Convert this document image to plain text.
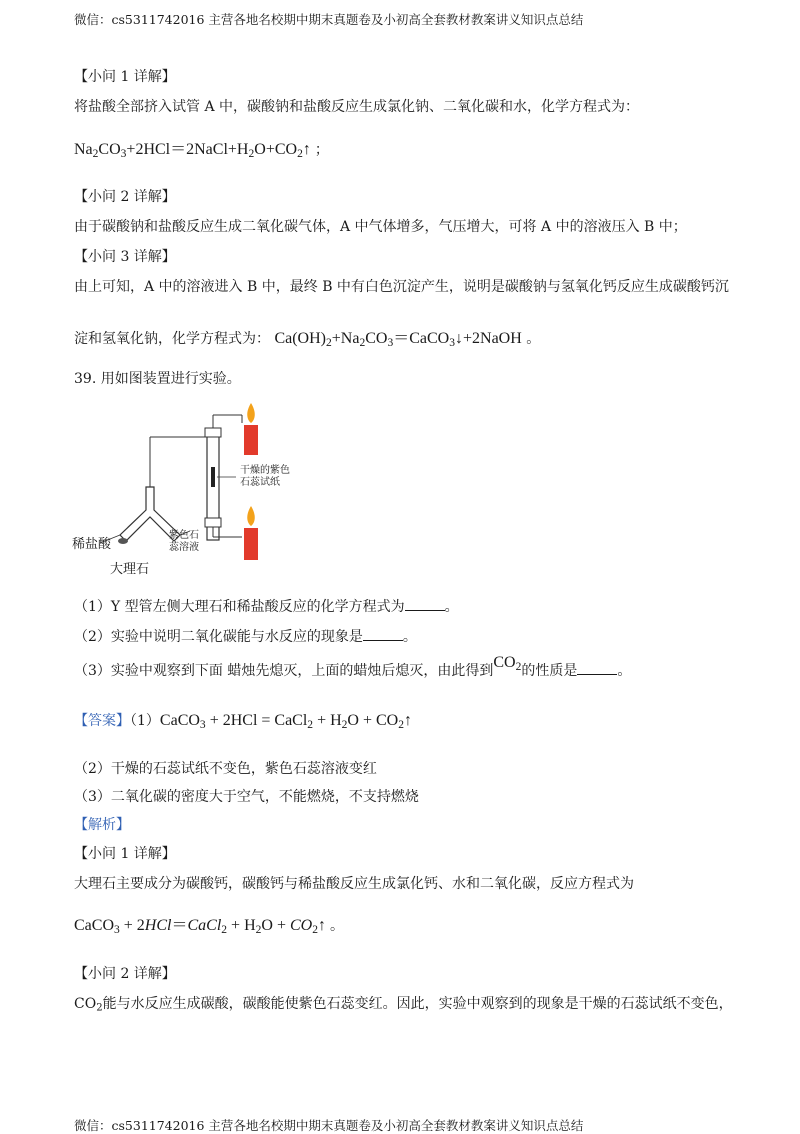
微信：cs5311742016 主营各地名校期中期末真题卷及小初高全套教材教案讲义知识点总结
【小问 1 详解】
将盐酸全部挤入试管 A 中，碳酸钠和盐酸反应生成氯化钠、二氧化碳和水，化学方程式为：
$Na_2CO_3+2HCl=2NaCl+H_2O+CO_2↑$ ；
【小问 2 详解】
由于碳酸钠和盐酸反应生成二氧化碳气体，A 中气体增多，气压增大，可将 A 中的溶液压入 B 中；
【小问 3 详解】
由上可知，A 中的溶液进入 B 中，最终 B 中有白色沉淀产生，说明是碳酸钠与氢氧化钙反应生成碳酸钙沉
淀和氢氧化钠，化学方程式为： $Ca(OH)_2+Na_2CO_3=CaCO_3↓+2NaOH$ 。
39. 用如图装置进行实验。
干燥的紫色石蕊试纸
稀盐酸
紫色石蕊溶液
大理石
（1）Y 型管左侧大理石和稀盐酸反应的化学方程式为	。
（2）实验中说明二氧化碳能与水反应的现象是	。
（3）实验中观察到下面 蜡烛先熄灭，上面的蜡烛后熄灭，由此得到$CO_2$的性质是	。
【答案】（1）CaCO$_3$ + 2HCl = CaCl$_2$ + $H_2O$ + $CO_2↑$
（2）干燥的石蕊试纸不变色，紫色石蕊溶液变红
（3）二氧化碳的密度大于空气，不能燃烧，不支持燃烧
【解析】
【小问 1 详解】
大理石主要成分为碳酸钙，碳酸钙与稀盐酸反应生成氯化钙、水和二氧化碳，反应方程式为
CaCO$_3$ + 2HCl＝CaCl$_2$ + $H_2O$ + $CO_2↑$ 。
【小问 2 详解】
$CO_2$能与水反应生成碳酸，碳酸能使紫色石蕊变红。因此，实验中观察到的现象是干燥的石蕊试纸不变色，
微信：cs5311742016 主营各地名校期中期末真题卷及小初高全套教材教案讲义知识点总结
